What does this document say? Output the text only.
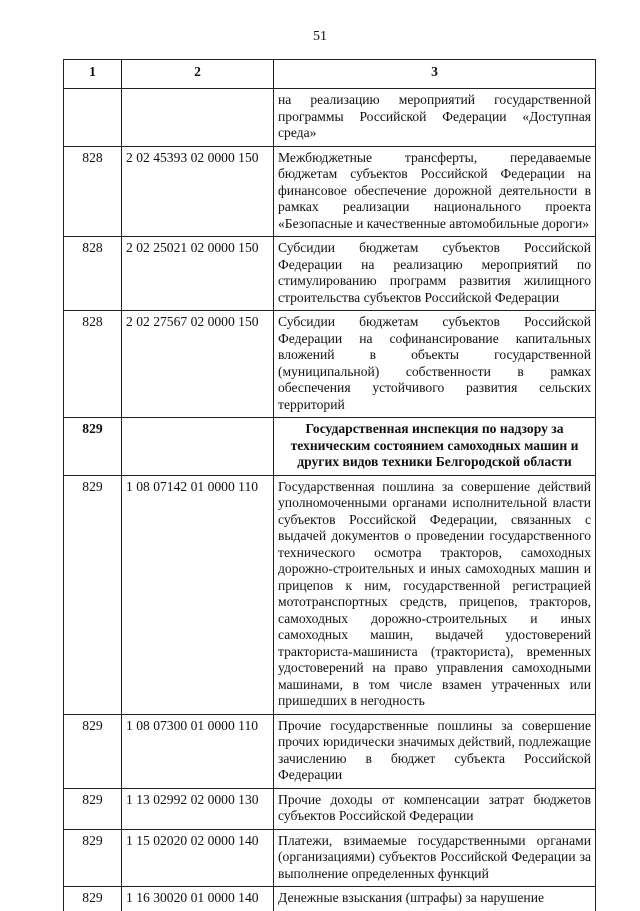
51
1	2	3
		на реализацию мероприятий государственной программы Российской Федерации «Доступная среда»
828	2 02 45393 02 0000 150	Межбюджетные трансферты, передаваемые бюджетам субъектов Российской Федерации на финансовое обеспечение дорожной деятельности в рамках реализации национального проекта «Безопасные и качественные автомобильные дороги»
828	2 02 25021 02 0000 150	Субсидии бюджетам субъектов Российской Федерации на реализацию мероприятий по стимулированию программ развития жилищного строительства субъектов Российской Федерации
828	2 02 27567 02 0000 150	Субсидии бюджетам субъектов Российской Федерации на софинансирование капитальных вложений в объекты государственной (муниципальной) собственности в рамках обеспечения устойчивого развития сельских территорий
829		Государственная инспекция по надзору за техническим состоянием самоходных машин и других видов техники Белгородской области
829	1 08 07142 01 0000 110	Государственная пошлина за совершение действий уполномоченными органами исполнительной власти субъектов Российской Федерации, связанных с выдачей документов о проведении государственного технического осмотра тракторов, самоходных дорожно-строительных и иных самоходных машин и прицепов к ним, государственной регистрацией мототранспортных средств, прицепов, тракторов, самоходных дорожно-строительных и иных самоходных машин, выдачей удостоверений тракториста-машиниста (тракториста), временных удостоверений на право управления самоходными машинами, в том числе взамен утраченных или пришедших в негодность
829	1 08 07300 01 0000 110	Прочие государственные пошлины за совершение прочих юридически значимых действий, подлежащие зачислению в бюджет субъекта Российской Федерации
829	1 13 02992 02 0000 130	Прочие доходы от компенсации затрат бюджетов субъектов Российской Федерации
829	1 15 02020 02 0000 140	Платежи, взимаемые государственными органами (организациями) субъектов Российской Федерации за выполнение определенных функций
829	1 16 30020 01 0000 140	Денежные взыскания (штрафы) за нарушение
